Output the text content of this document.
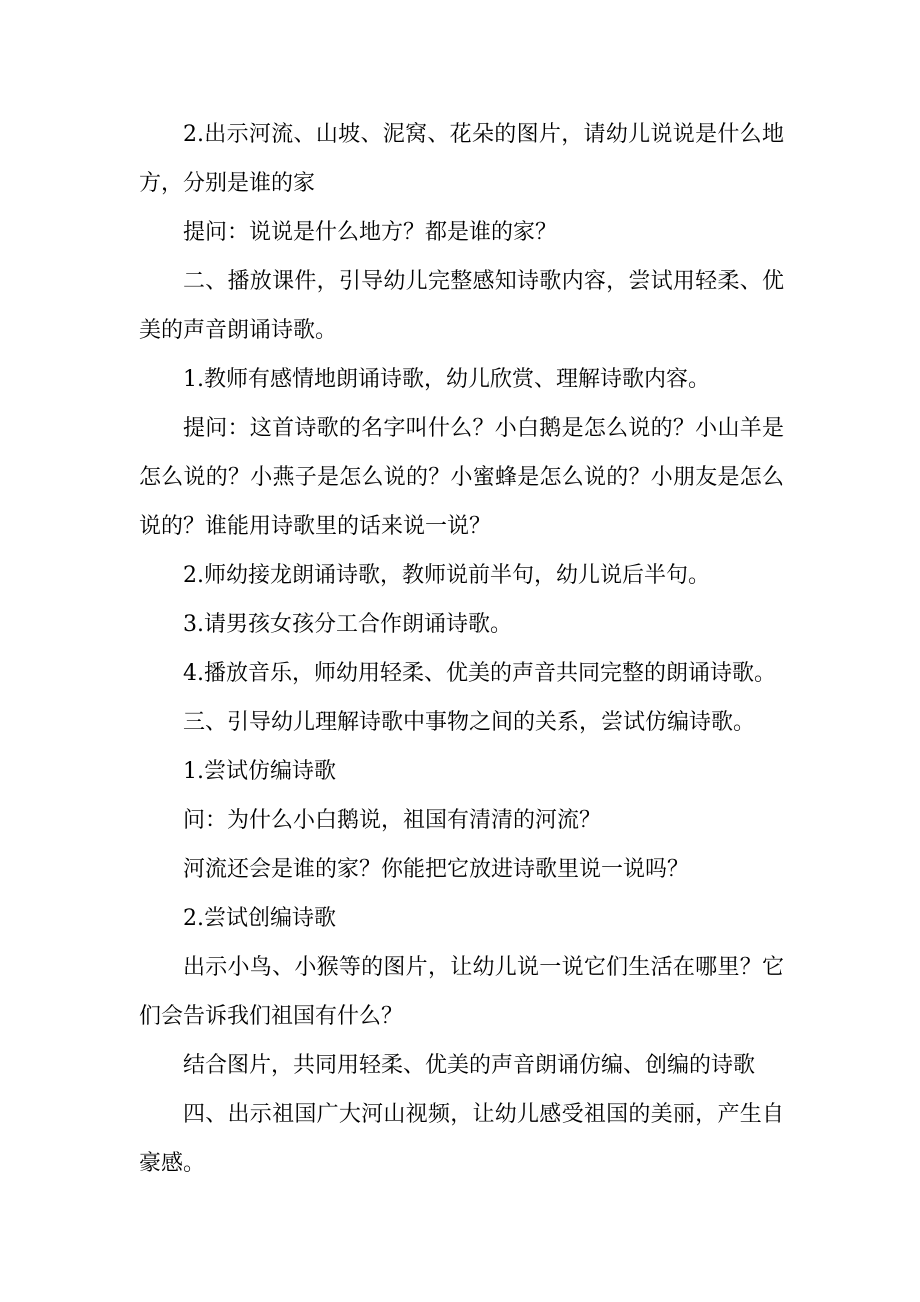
2.出示河流、山坡、泥窝、花朵的图片，请幼儿说说是什么地方，分别是谁的家

提问：说说是什么地方？都是谁的家？

二、播放课件，引导幼儿完整感知诗歌内容，尝试用轻柔、优美的声音朗诵诗歌。

1.教师有感情地朗诵诗歌，幼儿欣赏、理解诗歌内容。

提问：这首诗歌的名字叫什么？小白鹅是怎么说的？小山羊是怎么说的？小燕子是怎么说的？小蜜蜂是怎么说的？小朋友是怎么说的？谁能用诗歌里的话来说一说？

2.师幼接龙朗诵诗歌，教师说前半句，幼儿说后半句。

3.请男孩女孩分工合作朗诵诗歌。

4.播放音乐，师幼用轻柔、优美的声音共同完整的朗诵诗歌。

三、引导幼儿理解诗歌中事物之间的关系，尝试仿编诗歌。

1.尝试仿编诗歌

问：为什么小白鹅说，祖国有清清的河流？

河流还会是谁的家？你能把它放进诗歌里说一说吗？

2.尝试创编诗歌

出示小鸟、小猴等的图片，让幼儿说一说它们生活在哪里？它们会告诉我们祖国有什么？

结合图片，共同用轻柔、优美的声音朗诵仿编、创编的诗歌

四、出示祖国广大河山视频，让幼儿感受祖国的美丽，产生自豪感。
